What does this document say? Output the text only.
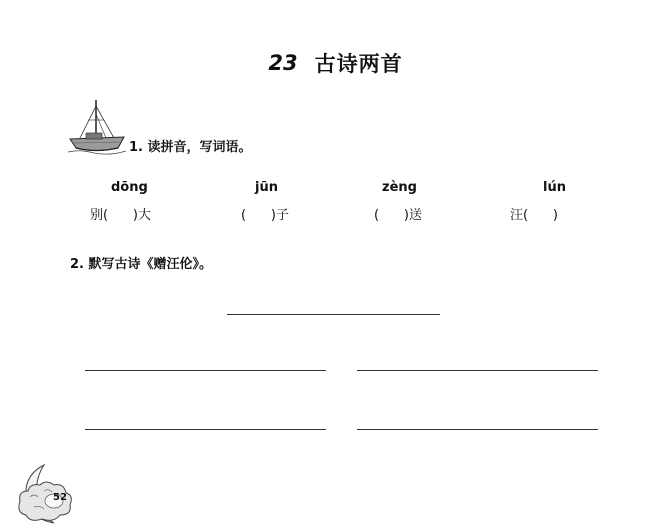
23 古诗两首
1. 读拼音，写词语。
dōng	jūn	zèng	lún
别(      )大	(      )子	(      )送	汪(      )
2. 默写古诗《赠汪伦》。
52
